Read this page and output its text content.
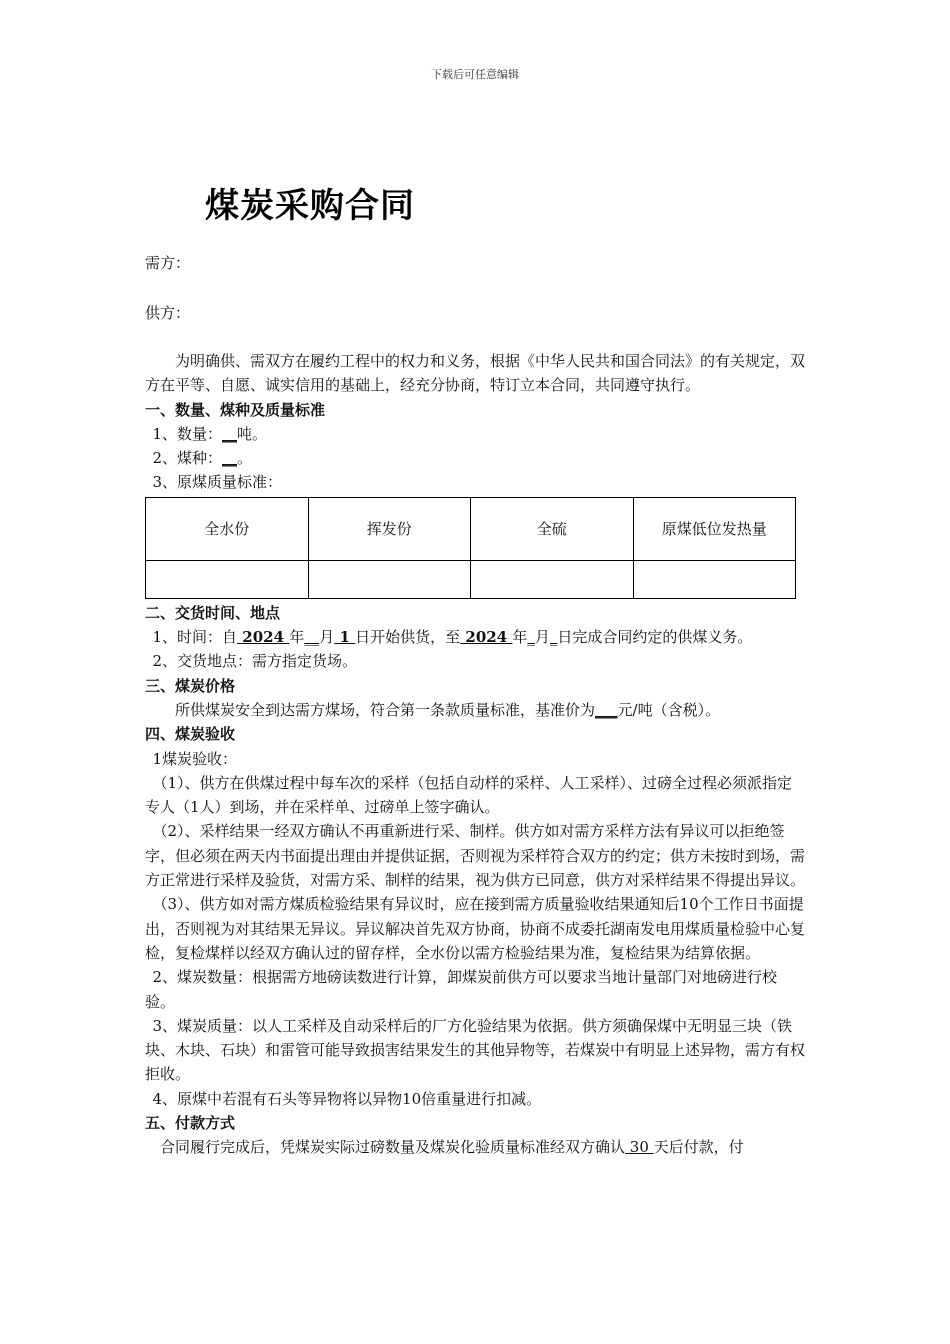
下载后可任意编辑
煤炭采购合同
需方：
供方：

为明确供、需双方在履约工程中的权力和义务，根据《中华人民共和国合同法》的有关规定，双方在平等、自愿、诚实信用的基础上，经充分协商，特订立本合同，共同遵守执行。

一、数量、煤种及质量标准

1、数量：__吨。

2、煤种：__。

3、原煤质量标准：

全水份	挥发份	全硫	原煤低位发热量

二、交货时间、地点

1、时间：自 2024 年__月 1 日开始供货，至 2024 年_月_日完成合同约定的供煤义务。

2、交货地点：需方指定货场。

三、煤炭价格

所供煤炭安全到达需方煤场，符合第一条款质量标准，基准价为___元/吨（含税）。

四、煤炭验收

1煤炭验收：

（1）、供方在供煤过程中每车次的采样（包括自动样的采样、人工采样）、过磅全过程必须派指定专人（1人）到场，并在采样单、过磅单上签字确认。

（2）、采样结果一经双方确认不再重新进行采、制样。供方如对需方采样方法有异议可以拒绝签字，但必须在两天内书面提出理由并提供证据，否则视为采样符合双方的约定；供方未按时到场，需方正常进行采样及验货，对需方采、制样的结果，视为供方已同意，供方对采样结果不得提出异议。

（3）、供方如对需方煤质检验结果有异议时，应在接到需方质量验收结果通知后10个工作日书面提出，否则视为对其结果无异议。异议解决首先双方协商，协商不成委托湖南发电用煤质量检验中心复检，复检煤样以经双方确认过的留存样，全水份以需方检验结果为准，复检结果为结算依据。

2、煤炭数量：根据需方地磅读数进行计算，卸煤炭前供方可以要求当地计量部门对地磅进行校验。

3、煤炭质量：以人工采样及自动采样后的厂方化验结果为依据。供方须确保煤中无明显三块（铁块、木块、石块）和雷管可能导致损害结果发生的其他异物等，若煤炭中有明显上述异物，需方有权拒收。

4、原煤中若混有石头等异物将以异物10倍重量进行扣减。

五、付款方式

合同履行完成后，凭煤炭实际过磅数量及煤炭化验质量标准经双方确认 30 天后付款，付
